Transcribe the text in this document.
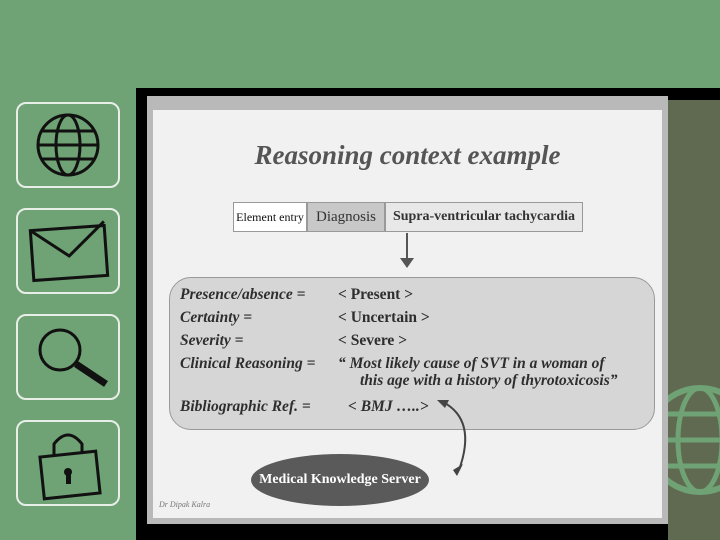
Reasoning context example
Element entry Diagnosis	Supra-ventricular tachycardia
Presence/absence = < Present >
Certainty =	< Uncertain >
Severity =	< Severe >
Clinical Reasoning = “ Most likely cause of SVT in a woman of
this age with a history of thyrotoxicosis”
Bibliographic Ref. = < BMJ …..>
Medical Knowledge Server
Dr Dipak Kalra
